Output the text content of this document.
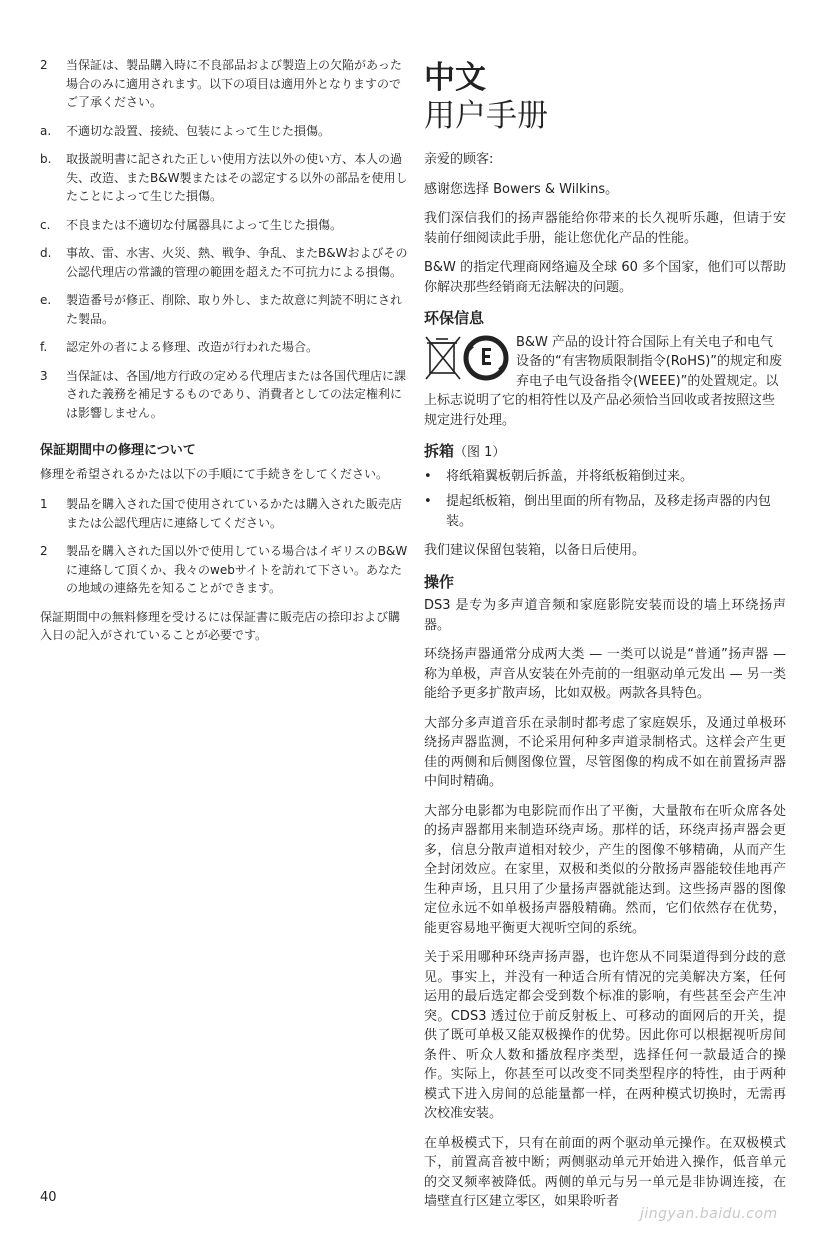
2	当保証は、製品購入時に不良部品および製造上の欠陥があった場合のみに適用されます。以下の項目は適用外となりますのでご了承ください。
a.	不適切な設置、接続、包装によって生じた損傷。
b.	取扱説明書に記された正しい使用方法以外の使い方、本人の過失、改造、またB&W製またはその認定する以外の部品を使用したことによって生じた損傷。
c.	不良または不適切な付属器具によって生じた損傷。
d.	事故、雷、水害、火災、熱、戦争、争乱、またB&Wおよびその公認代理店の常識的管理の範囲を超えた不可抗力による損傷。
e.	製造番号が修正、削除、取り外し、また故意に判読不明にされた製品。
f.	認定外の者による修理、改造が行われた場合。
3	当保証は、各国/地方行政の定める代理店または各国代理店に課された義務を補足するものであり、消費者としての法定権利には影響しません。
保証期間中の修理について
修理を希望されるかたは以下の手順にて手続きをしてください。
1	製品を購入された国で使用されているかたは購入された販売店または公認代理店に連絡してください。
2	製品を購入された国以外で使用している場合はイギリスのB&Wに連絡して頂くか、我々のwebサイトを訪れて下さい。あなたの地域の連絡先を知ることができます。
保証期間中の無料修理を受けるには保証書に販売店の捺印および購入日の記入がされていることが必要です。
中文
用户手册

亲爱的顾客:

感谢您选择 Bowers & Wilkins。

我们深信我们的扬声器能给你带来的长久视听乐趣，但请于安装前仔细阅读此手册，能让您优化产品的性能。

B&W 的指定代理商网络遍及全球 60 多个国家，他们可以帮助你解决那些经销商无法解决的问题。

环保信息
B&W 产品的设计符合国际上有关电子和电气设备的“有害物质限制指令(RoHS)”的规定和废弃电子电气设备指令(WEEE)”的处置规定。以上标志说明了它的相符性以及产品必须恰当回收或者按照这些规定进行处理。
拆箱（图 1）
•	将纸箱翼板朝后拆盖，并将纸板箱倒过来。
•	提起纸板箱，倒出里面的所有物品，及移走扬声器的内包装。

我们建议保留包装箱，以备日后使用。

操作

DS3 是专为多声道音频和家庭影院安装而设的墙上环绕扬声器。

环绕扬声器通常分成两大类 — 一类可以说是“普通”扬声器 — 称为单极，声音从安装在外壳前的一组驱动单元发出 — 另一类能给予更多扩散声场，比如双极。两款各具特色。

大部分多声道音乐在录制时都考虑了家庭娱乐，及通过单极环绕扬声器监测，不论采用何种多声道录制格式。这样会产生更佳的两侧和后侧图像位置，尽管图像的构成不如在前置扬声器中间时精确。

大部分电影都为电影院而作出了平衡，大量散布在听众席各处的扬声器都用来制造环绕声场。那样的话，环绕声扬声器会更多，信息分散声道相对较少，产生的图像不够精确，从而产生全封闭效应。在家里，双极和类似的分散扬声器能较佳地再产生种声场，且只用了少量扬声器就能达到。这些扬声器的图像定位永远不如单极扬声器般精确。然而，它们依然存在优势，能更容易地平衡更大视听空间的系统。

关于采用哪种环绕声扬声器，也许您从不同渠道得到分歧的意见。事实上，并没有一种适合所有情况的完美解决方案，任何运用的最后选定都会受到数个标准的影响，有些甚至会产生冲突。CDS3 透过位于前反射板上、可移动的面网后的开关，提供了既可单极又能双极操作的优势。因此你可以根据视听房间条件、听众人数和播放程序类型，选择任何一款最适合的操作。实际上，你甚至可以改变不同类型程序的特性，由于两种模式下进入房间的总能量都一样，在两种模式切换时，无需再次校准安装。

在单极模式下，只有在前面的两个驱动单元操作。在双极模式下，前置高音被中断；两侧驱动单元开始进入操作，低音单元的交叉频率被降低。两侧的单元与另一单元是非协调连接，在墙壁直行区建立零区，如果聆听者

40
jingyan.baidu.com
